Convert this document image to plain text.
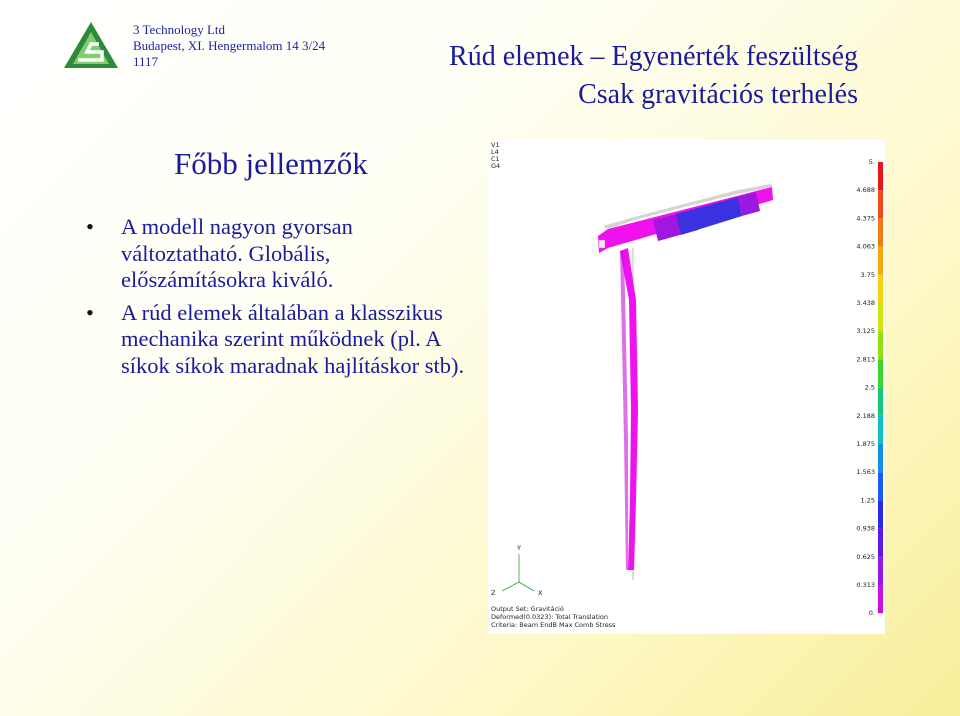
3 Technology Ltd
Budapest, XI. Hengermalom 14 3/24
1117	Rúd elemek – Egyenérték feszültség
Csak gravitációs terhelés
Főbb jellemzők
• A modell nagyon gyorsan változtatható. Globális, előszámításokra kiváló.
• A rúd elemek általában a klasszikus mechanika szerint működnek (pl. A síkok síkok maradnak hajlításkor stb).
V1
L4
C1
G4
Y
Z	X
Output Set: Gravitáció
Deformed(0.0323): Total Translation
Criteria: Beam EndB Max Comb Stress
5.
4.688
4.375
4.063
3.75
3.438
3.125
2.813
2.5
2.188
1.875
1.563
1.25
0.938
0.625
0.313
0.
